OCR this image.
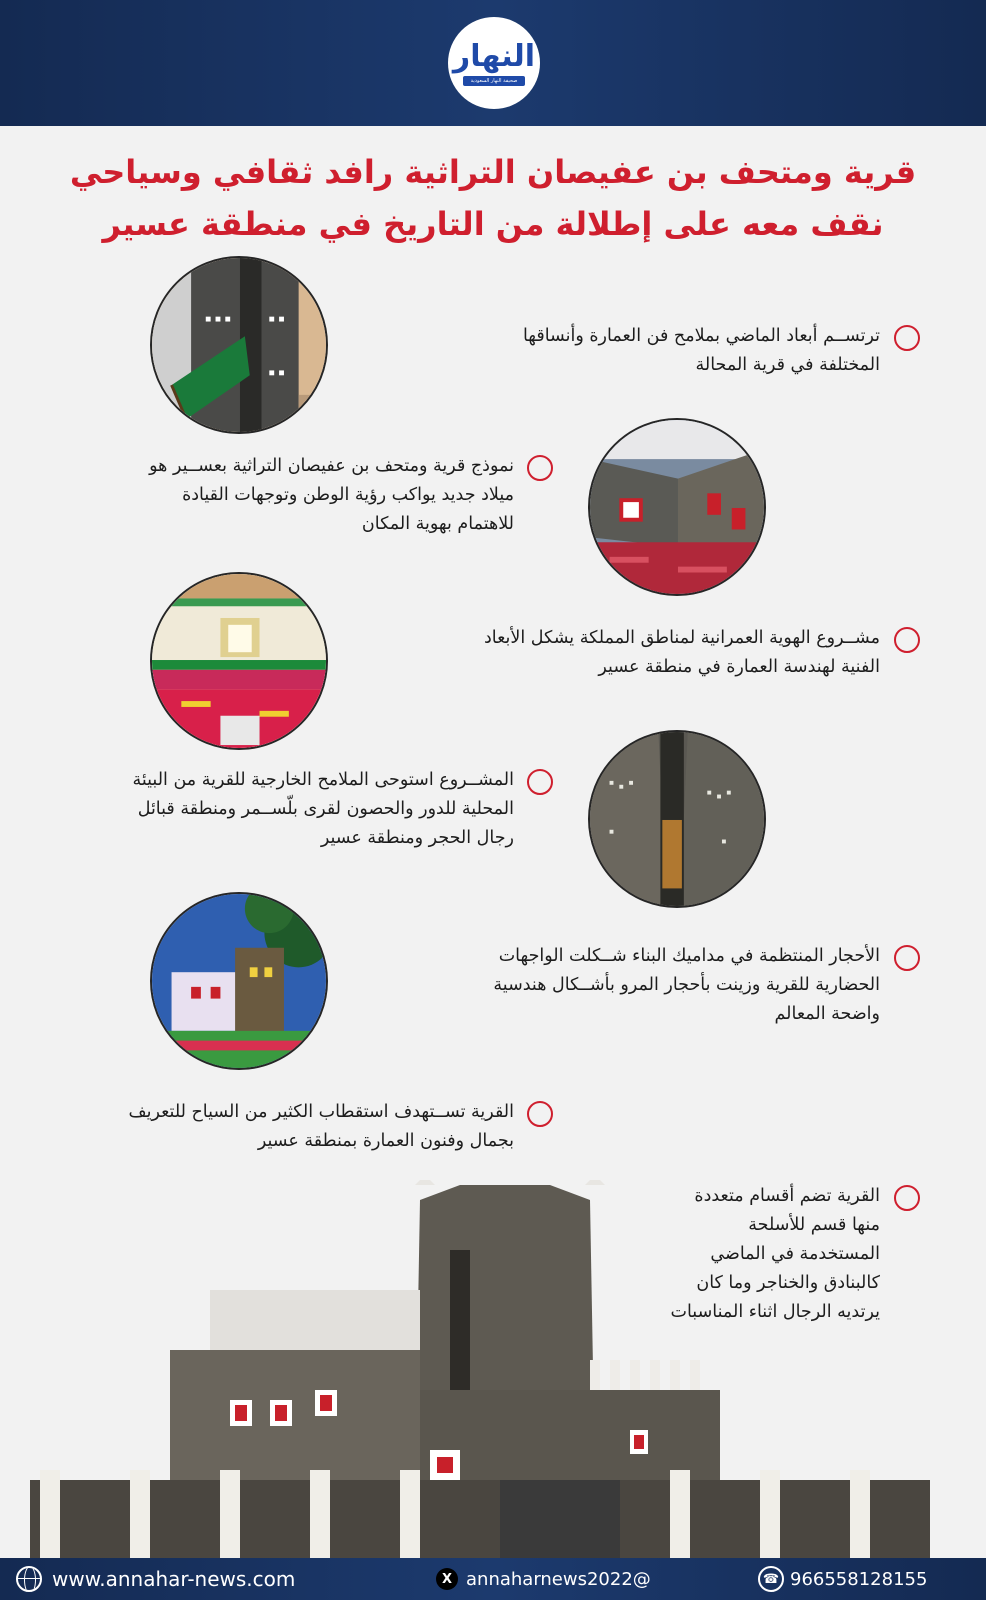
النهار
صحيفة النهار السعودية
قرية ومتحف بن عفيصان التراثية رافد ثقافي وسياحي
نقف معه على إطلالة من التاريخ في منطقة عسير
ترتســم أبعاد الماضي بملامح فن العمارة وأنساقها
المختلفة في قرية المحالة
نموذج قرية ومتحف بن عفيصان التراثية بعســير هو
ميلاد جديد يواكب رؤية الوطن وتوجهات القيادة
للاهتمام بهوية المكان
مشــروع الهوية العمرانية لمناطق المملكة يشكل الأبعاد
الفنية لهندسة العمارة في منطقة عسير
المشــروع استوحى الملامح الخارجية للقرية من البيئة
المحلية للدور والحصون لقرى بلّســمر ومنطقة قبائل
رجال الحجر ومنطقة عسير
الأحجار المنتظمة في مداميك البناء شــكلت الواجهات
الحضارية للقرية وزينت بأحجار المرو بأشــكال هندسية
واضحة المعالم
القرية تســتهدف استقطاب الكثير من السياح للتعريف
بجمال وفنون العمارة بمنطقة عسير
القرية تضم أقسام متعددة
منها قسم للأسلحة
المستخدمة في الماضي
كالبنادق والخناجر وما كان
يرتديه الرجال اثناء المناسبات
www.annahar-news.com	X annaharnews2022@	☎ 966558128155
